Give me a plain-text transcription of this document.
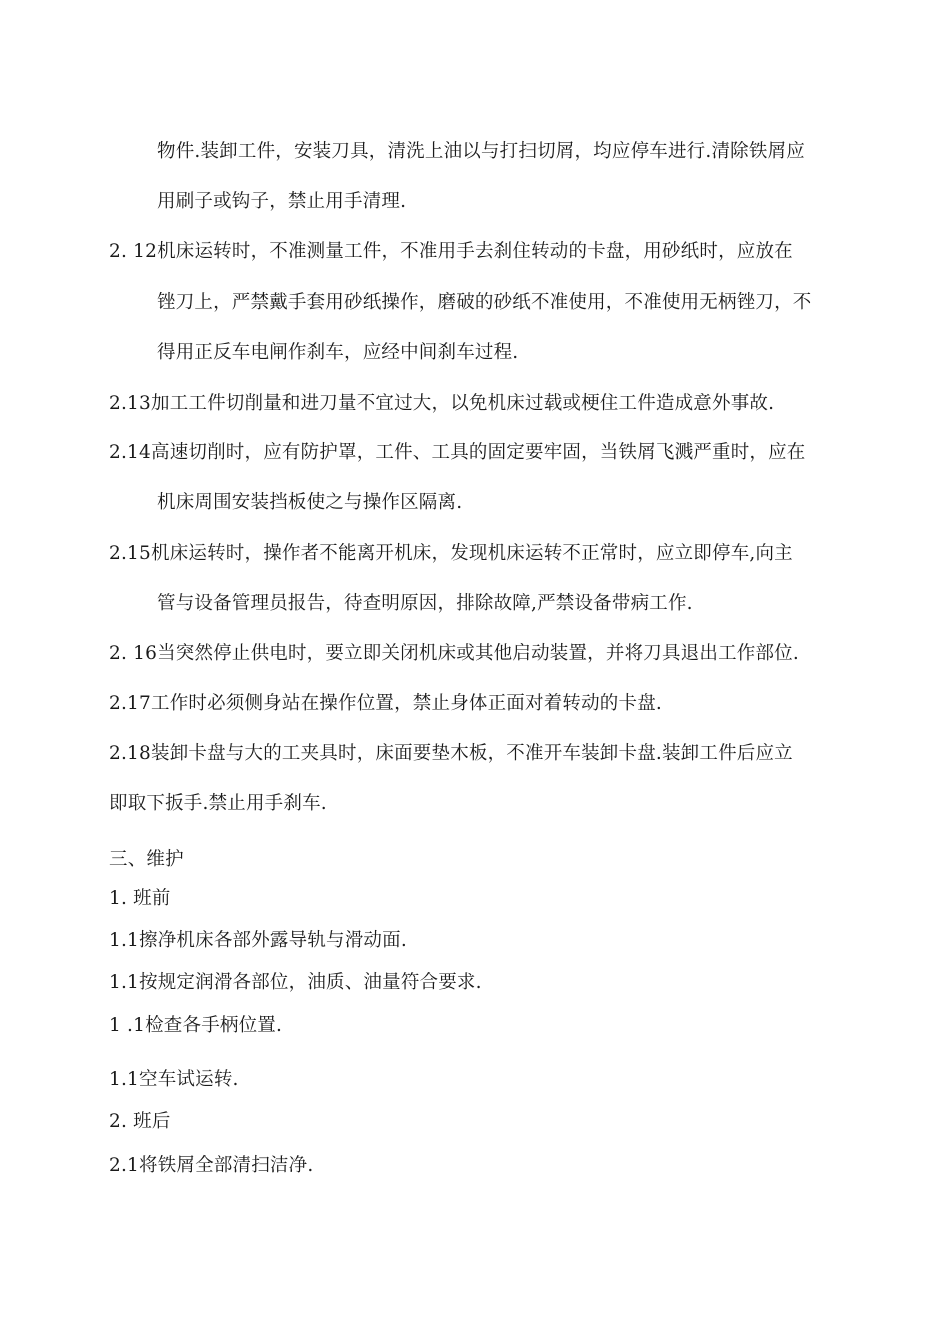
物件.装卸工件，安装刀具，清洗上油以与打扫切屑，均应停车进行.清除铁屑应
用刷子或钩子，禁止用手清理.
2. 12机床运转时，不准测量工件，不准用手去刹住转动的卡盘，用砂纸时，应放在
锉刀上，严禁戴手套用砂纸操作，磨破的砂纸不准使用，不准使用无柄锉刀，不
得用正反车电闸作刹车，应经中间刹车过程.
2.13加工工件切削量和进刀量不宜过大，以免机床过载或梗住工件造成意外事故.
2.14高速切削时，应有防护罩，工件、工具的固定要牢固，当铁屑飞溅严重时，应在
机床周围安装挡板使之与操作区隔离.
2.15机床运转时，操作者不能离开机床，发现机床运转不正常时，应立即停车,向主
管与设备管理员报告，待查明原因，排除故障,严禁设备带病工作.
2. 16当突然停止供电时，要立即关闭机床或其他启动装置，并将刀具退出工作部位.
2.17工作时必须侧身站在操作位置，禁止身体正面对着转动的卡盘.
2.18装卸卡盘与大的工夹具时，床面要垫木板，不准开车装卸卡盘.装卸工件后应立
即取下扳手.禁止用手刹车.
三、维护
1. 班前
1.1擦净机床各部外露导轨与滑动面.
1.1按规定润滑各部位，油质、油量符合要求.
1 .1检查各手柄位置.
1.1空车试运转.
2. 班后
2.1将铁屑全部清扫洁净.
